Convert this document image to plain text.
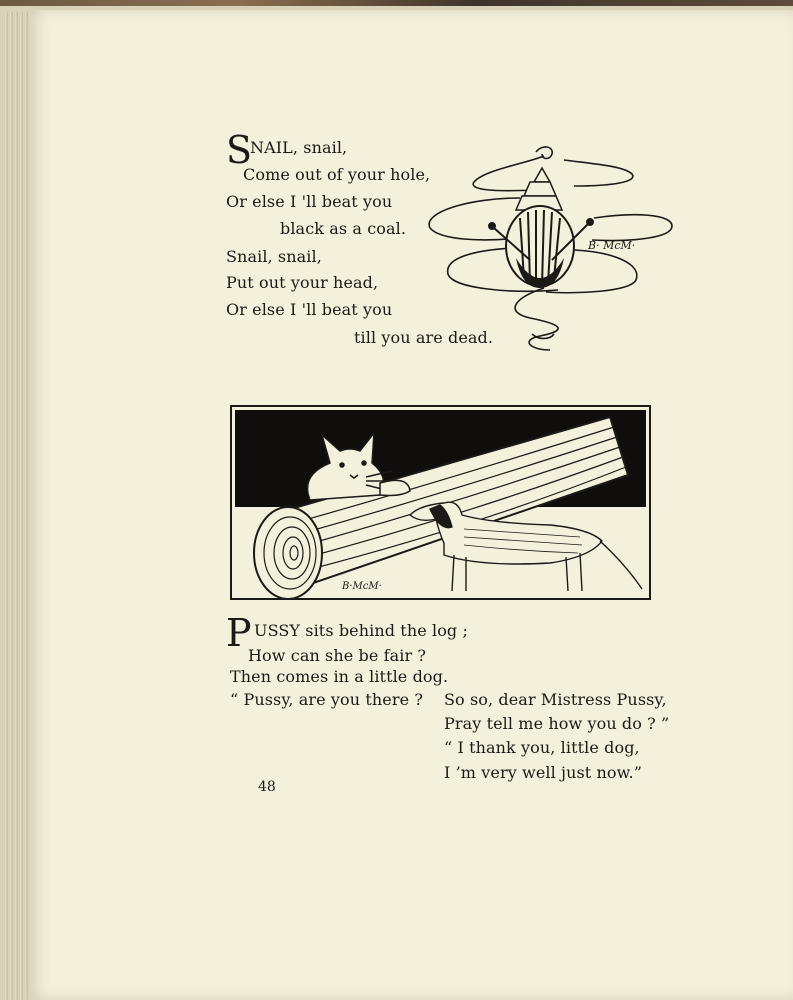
S
NAIL, snail,
Come out of your hole,
Or else I 'll beat you
black as a coal.
Snail, snail,
Put out your head,
Or else I 'll beat you
till you are dead.
B· McM·
B·McM·
P USSY sits behind the log ;
How can she be fair ?
Then comes in a little dog.
“ Pussy, are you there ? So so, dear Mistress Pussy,
Pray tell me how you do ? ”
“ I thank you, little dog,
I ’m very well just now.”
48
